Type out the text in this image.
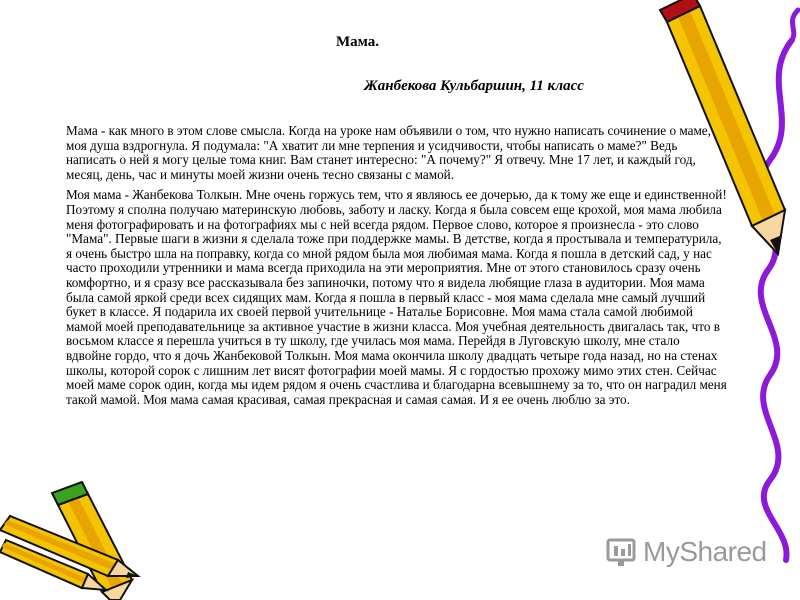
Мама.
Жанбекова Кульбаршин, 11 класс

Мама - как много в этом слове смысла. Когда на уроке нам объявили о том, что нужно написать сочинение о маме, моя душа вздрогнула. Я подумала: "А хватит ли мне терпения и усидчивости, чтобы написать о маме?" Ведь написать о ней я могу целые тома книг. Вам станет интересно: "А почему?" Я отвечу. Мне 17 лет, и каждый год, месяц, день, час и минуты моей жизни очень тесно связаны с мамой.

Моя мама - Жанбекова Толкын. Мне очень горжусь тем, что я являюсь ее дочерью, да к тому же еще и единственной! Поэтому я сполна получаю материнскую любовь, заботу и ласку. Когда я была совсем еще крохой, моя мама любила меня фотографировать и на фотографиях мы с ней всегда рядом. Первое слово, которое я произнесла - это слово "Мама". Первые шаги в жизни я сделала тоже при поддержке мамы. В детстве, когда я простывала и температурила, я очень быстро шла на поправку, когда со мной рядом была моя любимая мама. Когда я пошла в детский сад, у нас часто проходили утренники и мама всегда приходила на эти мероприятия. Мне от этого становилось сразу очень комфортно, и я сразу все рассказывала без запиночки, потому что я видела любящие глаза в аудитории. Моя мама была самой яркой среди всех сидящих мам. Когда я пошла в первый класс - моя мама сделала мне самый лучший букет в классе. Я подарила их своей первой учительнице - Наталье Борисовне. Моя мама стала самой любимой мамой моей преподавательнице за активное участие в жизни класса. Моя учебная деятельность двигалась так, что в восьмом классе я перешла учиться в ту школу, где училась моя мама. Перейдя в Луговскую школу, мне стало вдвойне гордо, что я дочь Жанбековой Толкын. Моя мама окончила школу двадцать четыре года назад, но на стенах школы, которой сорок с лишним лет висят фотографии моей мамы. Я с гордостью прохожу мимо этих стен. Сейчас моей маме сорок один, когда мы идем рядом я очень счастлива и благодарна всевышнему за то, что он наградил меня такой мамой. Моя мама самая красивая, самая прекрасная и самая самая. И я ее очень люблю за это.

MyShared
